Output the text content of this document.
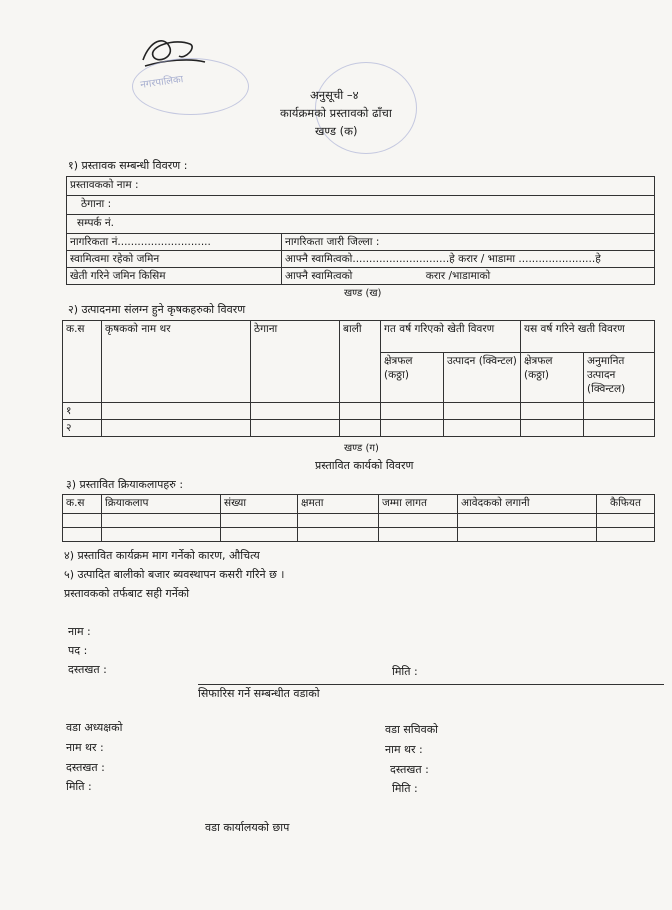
नगरपालिका
अनुसूची –४
कार्यक्रमको प्रस्तावको ढाँचा
खण्ड (क)
१) प्रस्तावक सम्बन्धी विवरण :
प्रस्तावकको नाम :	
ठेगाना :	
सम्पर्क नं.	
नागरिकता नं............................	नागरिकता जारी जिल्ला :
स्वामित्वमा रहेको जमिन	आफ्नै स्वामित्वको.............................हे करार / भाडामा .......................हे
खेती गरिने जमिन किसिम	आफ्नै स्वामित्वको                      करार /भाडामाको
खण्ड (ख)
२) उत्पादनमा संलग्न हुने कृषकहरुको विवरण
क.स	कृषकको नाम थर	ठेगाना	बाली	गत वर्ष गरिएको खेती विवरण		यस वर्ष गरिने खती विवरण	
				क्षेत्रफल (कठ्ठा)	उत्पादन (क्विन्टल)	क्षेत्रफल (कठ्ठा)	अनुमानित उत्पादन (क्विन्टल)
१							
२							
खण्ड (ग)
प्रस्तावित कार्यको विवरण
३) प्रस्तावित क्रियाकलापहरु :
क.स	क्रियाकलाप	संख्या	क्षमता	जम्मा लागत	आवेदकको लगानी	कैफियत

४) प्रस्तावित कार्यक्रम माग गर्नेको कारण, औचित्य
५) उत्पादित बालीको बजार ब्यवस्थापन कसरी गरिने छ ।
प्रस्तावकको तर्फबाट सही गर्नेको
नाम :
पद :
दस्तखत :	मिति :
सिफारिस गर्ने सम्बन्धीत वडाको
वडा अध्यक्षको
नाम थर :
दस्तखत :
मिति :
वडा सचिवको
नाम थर :
दस्तखत :
मिति :
वडा कार्यालयको छाप
